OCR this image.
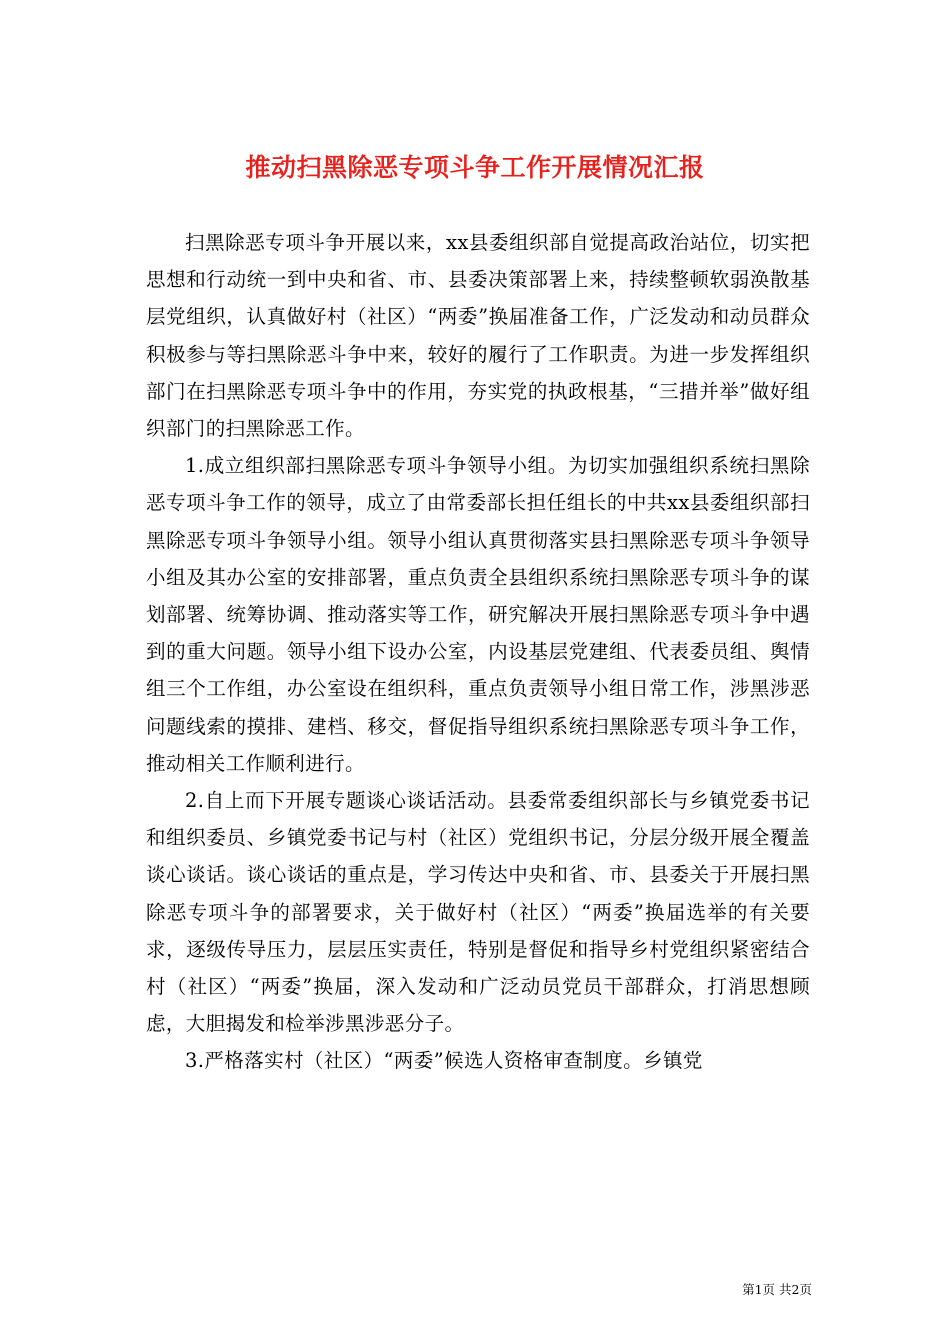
推动扫黑除恶专项斗争工作开展情况汇报

扫黑除恶专项斗争开展以来，xx县委组织部自觉提高政治站位，切实把思想和行动统一到中央和省、市、县委决策部署上来，持续整顿软弱涣散基层党组织，认真做好村（社区）“两委”换届准备工作，广泛发动和动员群众积极参与等扫黑除恶斗争中来，较好的履行了工作职责。为进一步发挥组织部门在扫黑除恶专项斗争中的作用，夯实党的执政根基，“三措并举”做好组织部门的扫黑除恶工作。

1.成立组织部扫黑除恶专项斗争领导小组。为切实加强组织系统扫黑除恶专项斗争工作的领导，成立了由常委部长担任组长的中共xx县委组织部扫黑除恶专项斗争领导小组。领导小组认真贯彻落实县扫黑除恶专项斗争领导小组及其办公室的安排部署，重点负责全县组织系统扫黑除恶专项斗争的谋划部署、统筹协调、推动落实等工作，研究解决开展扫黑除恶专项斗争中遇到的重大问题。领导小组下设办公室，内设基层党建组、代表委员组、舆情组三个工作组，办公室设在组织科，重点负责领导小组日常工作，涉黑涉恶问题线索的摸排、建档、移交，督促指导组织系统扫黑除恶专项斗争工作，推动相关工作顺利进行。

2.自上而下开展专题谈心谈话活动。县委常委组织部长与乡镇党委书记和组织委员、乡镇党委书记与村（社区）党组织书记，分层分级开展全覆盖谈心谈话。谈心谈话的重点是，学习传达中央和省、市、县委关于开展扫黑除恶专项斗争的部署要求，关于做好村（社区）“两委”换届选举的有关要求，逐级传导压力，层层压实责任，特别是督促和指导乡村党组织紧密结合村（社区）“两委”换届，深入发动和广泛动员党员干部群众，打消思想顾虑，大胆揭发和检举涉黑涉恶分子。

3.严格落实村（社区）“两委”候选人资格审查制度。乡镇党

第1页 共2页
